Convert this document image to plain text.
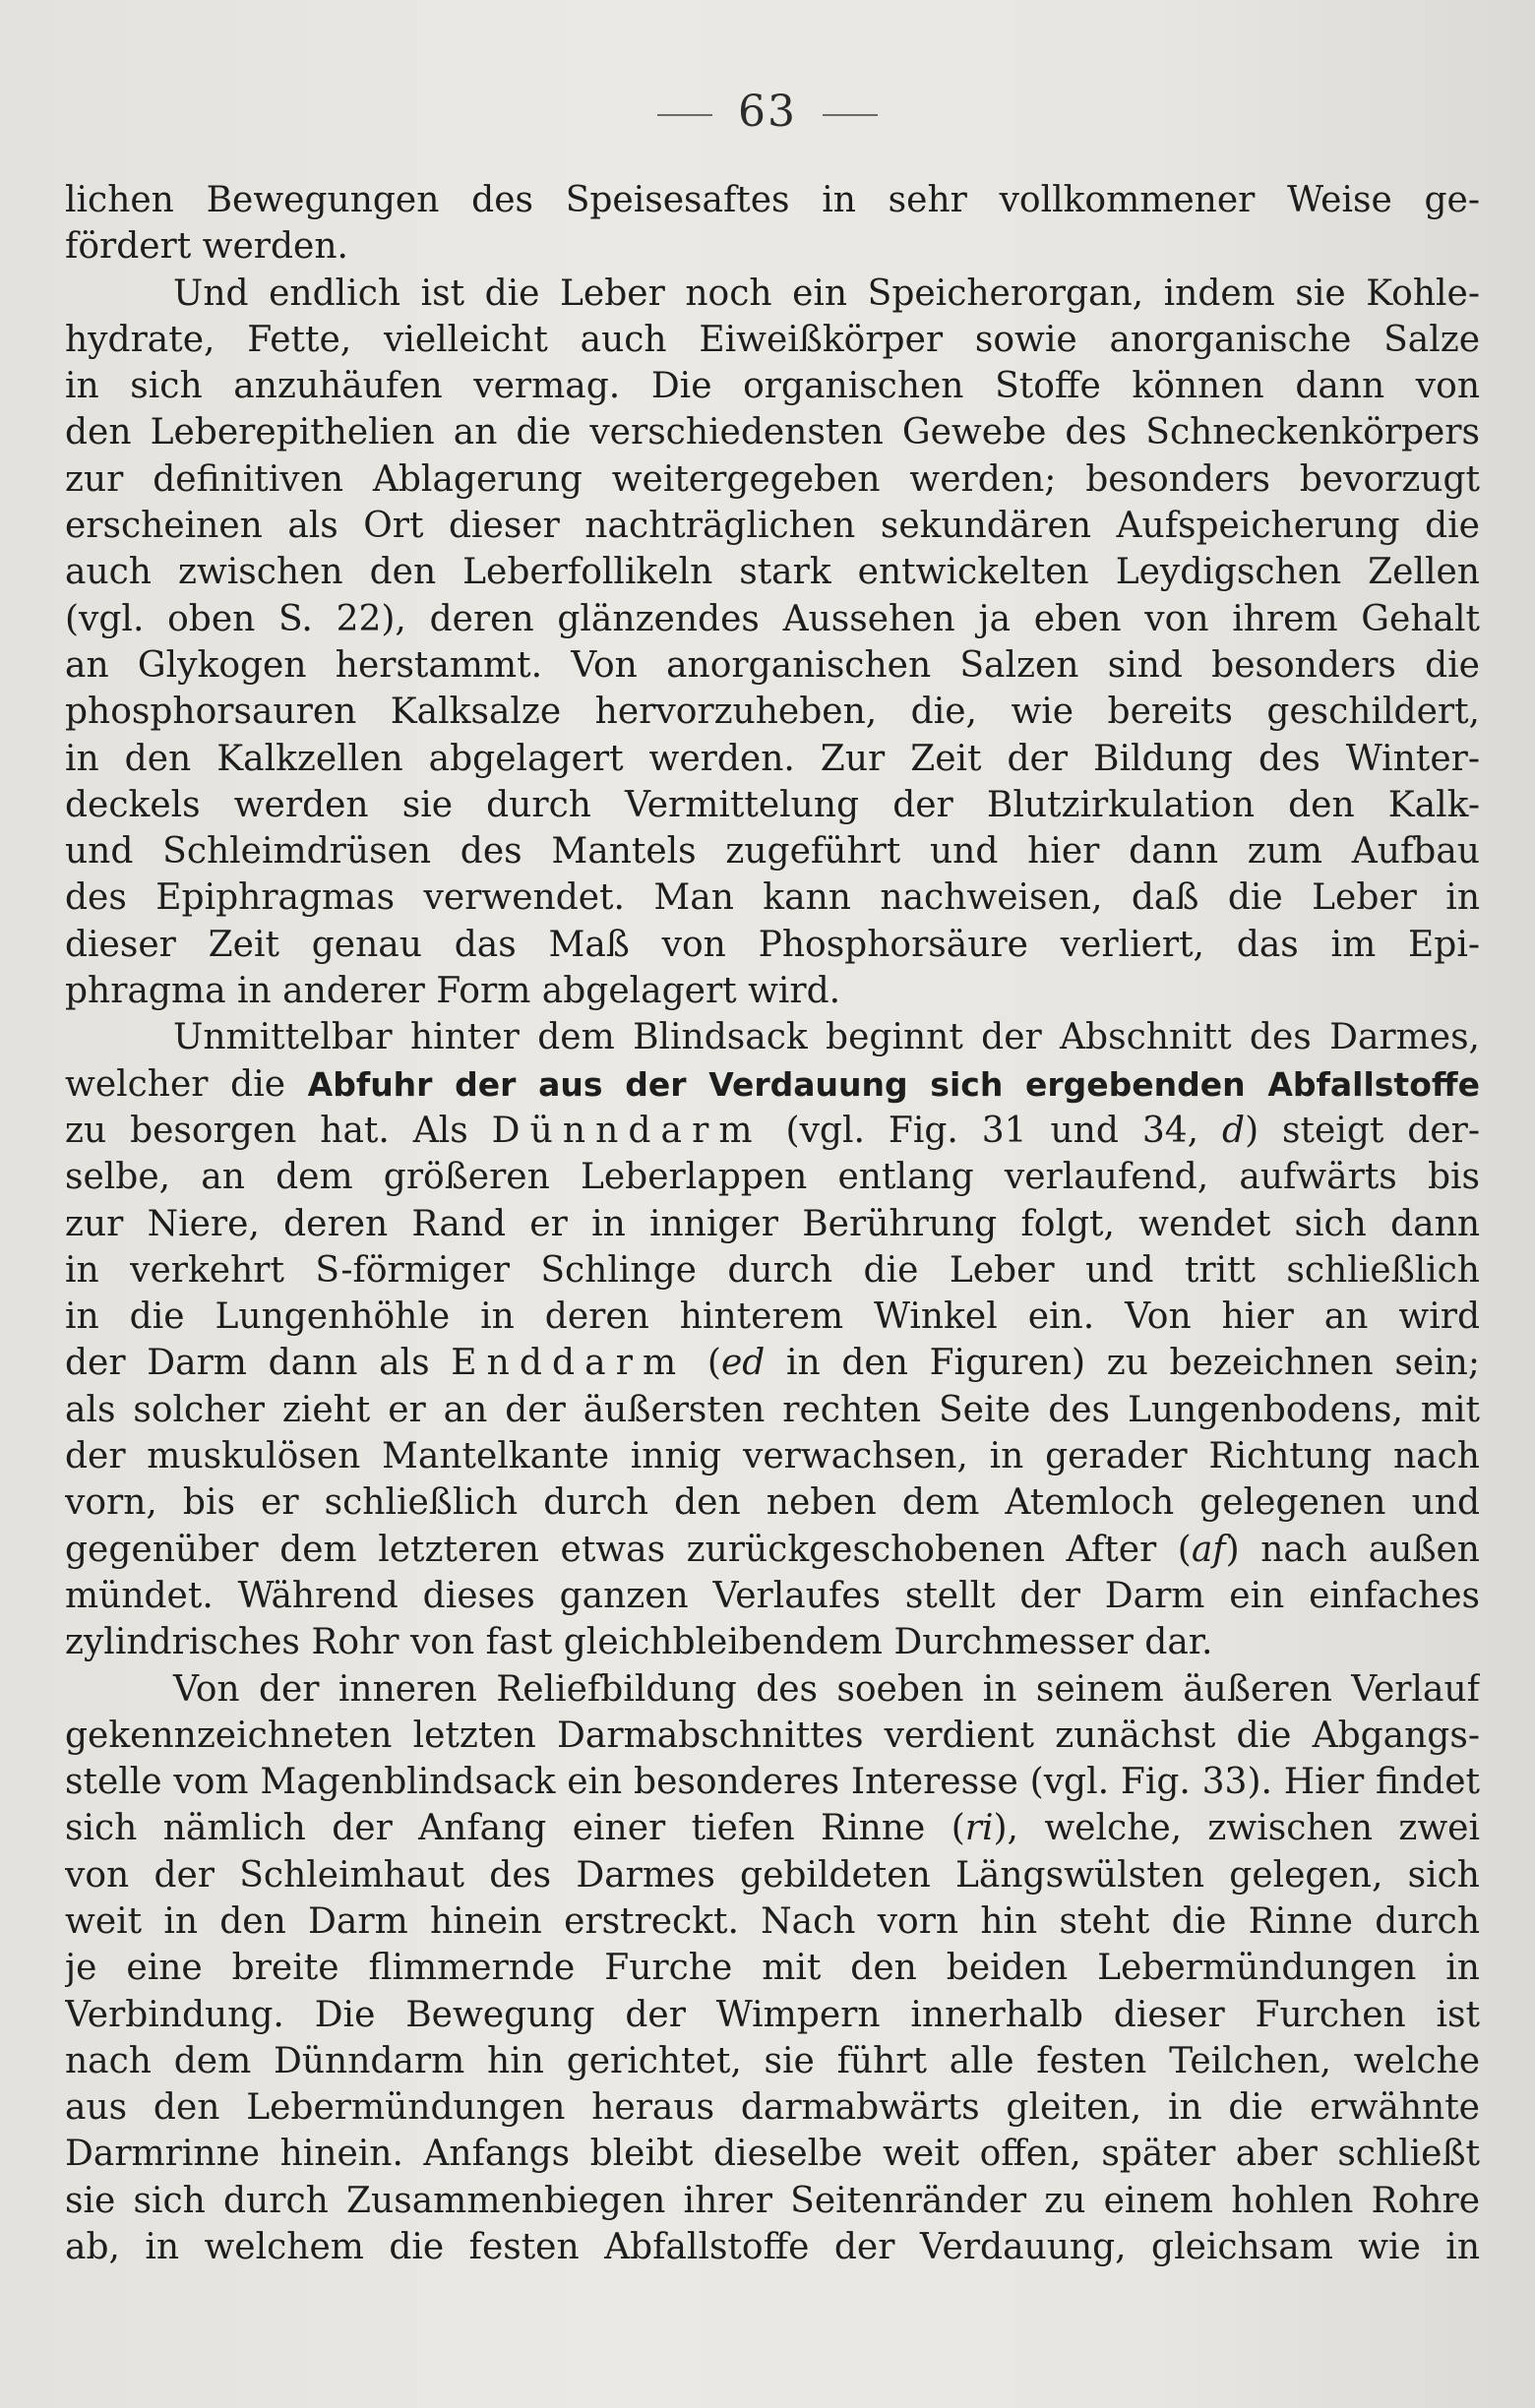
63
lichen Bewegungen des Speisesaftes in sehr vollkommener Weise ge-
fördert werden.
Und endlich ist die Leber noch ein Speicherorgan, indem sie Kohle-
hydrate, Fette, vielleicht auch Eiweißkörper sowie anorganische Salze
in sich anzuhäufen vermag. Die organischen Stoffe können dann von
den Leberepithelien an die verschiedensten Gewebe des Schneckenkörpers
zur definitiven Ablagerung weitergegeben werden; besonders bevorzugt
erscheinen als Ort dieser nachträglichen sekundären Aufspeicherung die
auch zwischen den Leberfollikeln stark entwickelten Leydigschen Zellen
(vgl. oben S. 22), deren glänzendes Aussehen ja eben von ihrem Gehalt
an Glykogen herstammt. Von anorganischen Salzen sind besonders die
phosphorsauren Kalksalze hervorzuheben, die, wie bereits geschildert,
in den Kalkzellen abgelagert werden. Zur Zeit der Bildung des Winter-
deckels werden sie durch Vermittelung der Blutzirkulation den Kalk-
und Schleimdrüsen des Mantels zugeführt und hier dann zum Aufbau
des Epiphragmas verwendet. Man kann nachweisen, daß die Leber in
dieser Zeit genau das Maß von Phosphorsäure verliert, das im Epi-
phragma in anderer Form abgelagert wird.
Unmittelbar hinter dem Blindsack beginnt der Abschnitt des Darmes,
welcher die Abfuhr der aus der Verdauung sich ergebenden Abfallstoffe
zu besorgen hat. Als Dünndarm (vgl. Fig. 31 und 34, d) steigt der-
selbe, an dem größeren Leberlappen entlang verlaufend, aufwärts bis
zur Niere, deren Rand er in inniger Berührung folgt, wendet sich dann
in verkehrt S-förmiger Schlinge durch die Leber und tritt schließlich
in die Lungenhöhle in deren hinterem Winkel ein. Von hier an wird
der Darm dann als Enddarm (ed in den Figuren) zu bezeichnen sein;
als solcher zieht er an der äußersten rechten Seite des Lungenbodens, mit
der muskulösen Mantelkante innig verwachsen, in gerader Richtung nach
vorn, bis er schließlich durch den neben dem Atemloch gelegenen und
gegenüber dem letzteren etwas zurückgeschobenen After (af) nach außen
mündet. Während dieses ganzen Verlaufes stellt der Darm ein einfaches
zylindrisches Rohr von fast gleichbleibendem Durchmesser dar.
Von der inneren Reliefbildung des soeben in seinem äußeren Verlauf
gekennzeichneten letzten Darmabschnittes verdient zunächst die Abgangs-
stelle vom Magenblindsack ein besonderes Interesse (vgl. Fig. 33). Hier findet
sich nämlich der Anfang einer tiefen Rinne (ri), welche, zwischen zwei
von der Schleimhaut des Darmes gebildeten Längswülsten gelegen, sich
weit in den Darm hinein erstreckt. Nach vorn hin steht die Rinne durch
je eine breite flimmernde Furche mit den beiden Lebermündungen in
Verbindung. Die Bewegung der Wimpern innerhalb dieser Furchen ist
nach dem Dünndarm hin gerichtet, sie führt alle festen Teilchen, welche
aus den Lebermündungen heraus darmabwärts gleiten, in die erwähnte
Darmrinne hinein. Anfangs bleibt dieselbe weit offen, später aber schließt
sie sich durch Zusammenbiegen ihrer Seitenränder zu einem hohlen Rohre
ab, in welchem die festen Abfallstoffe der Verdauung, gleichsam wie in
